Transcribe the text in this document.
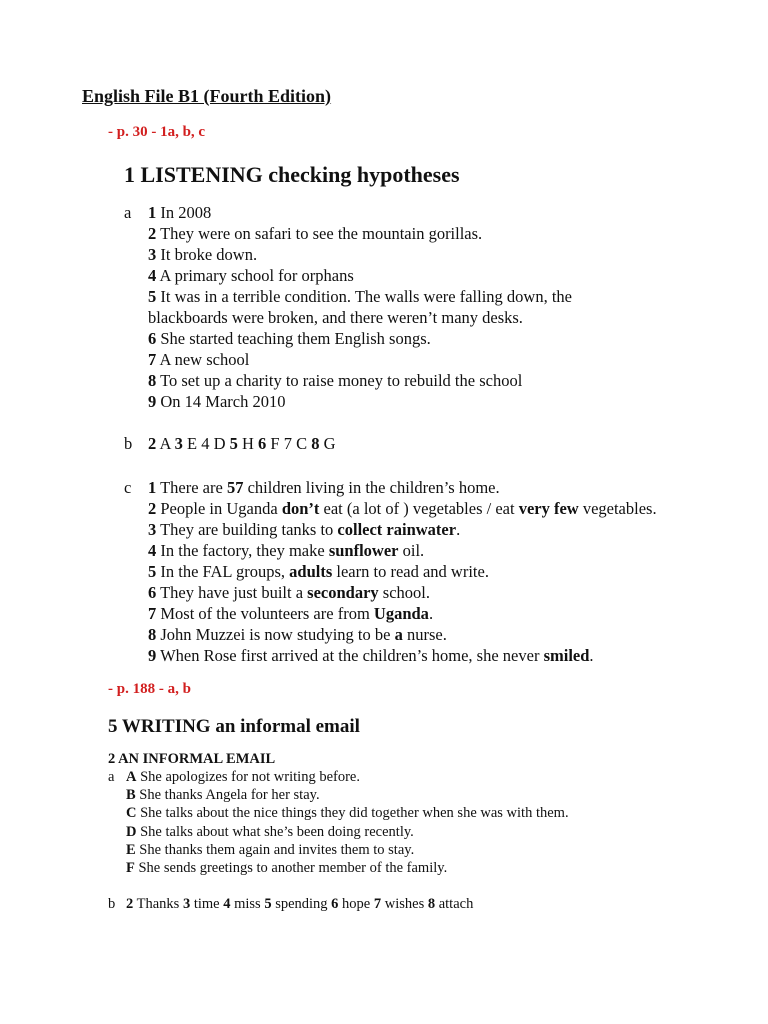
English File B1 (Fourth Edition)
- p. 30 - 1a, b, c
1 LISTENING checking hypotheses
a 1 In 2008
2 They were on safari to see the mountain gorillas.
3 It broke down.
4 A primary school for orphans
5 It was in a terrible condition. The walls were falling down, the
blackboards were broken, and there weren’t many desks.
6 She started teaching them English songs.
7 A new school
8 To set up a charity to raise money to rebuild the school
9 On 14 March 2010
b 2 A 3 E 4 D 5 H 6 F 7 C 8 G
c 1 There are 57 children living in the children’s home.
2 People in Uganda don’t eat (a lot of ) vegetables / eat very few vegetables.
3 They are building tanks to collect rainwater.
4 In the factory, they make sunflower oil.
5 In the FAL groups, adults learn to read and write.
6 They have just built a secondary school.
7 Most of the volunteers are from Uganda.
8 John Muzzei is now studying to be a nurse.
9 When Rose first arrived at the children’s home, she never smiled.
- p. 188 - a, b
5 WRITING an informal email
2 AN INFORMAL EMAIL
a A She apologizes for not writing before.
B She thanks Angela for her stay.
C She talks about the nice things they did together when she was with them.
D She talks about what she’s been doing recently.
E She thanks them again and invites them to stay.
F She sends greetings to another member of the family.
b 2 Thanks 3 time 4 miss 5 spending 6 hope 7 wishes 8 attach
